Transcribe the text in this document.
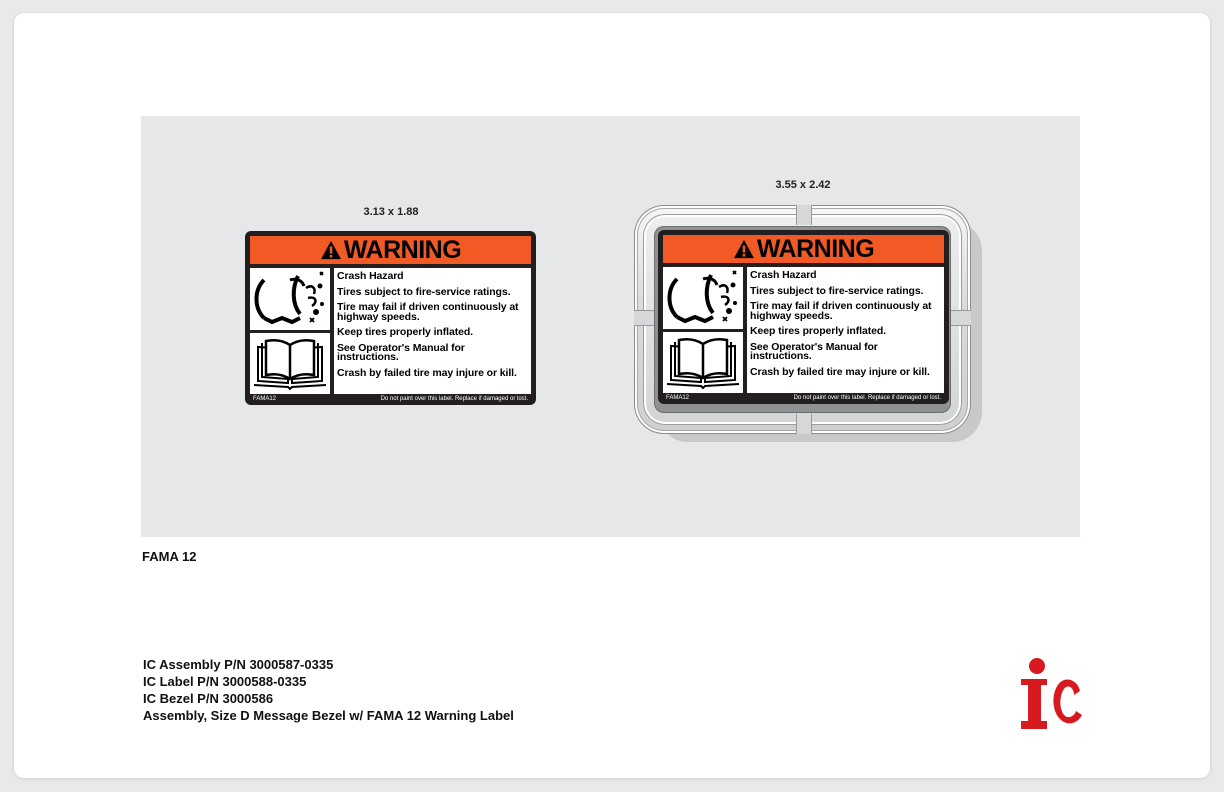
3.13 x 1.88
3.55 x 2.42
WARNING
Crash Hazard
Tires subject to fire-service ratings.
Tire may fail if driven continuously at highway speeds.
Keep tires properly inflated.
See Operator's Manual for instructions.
Crash by failed tire may injure or kill.
FAMA12	Do not paint over this label. Replace if damaged or lost.
WARNING
Crash Hazard
Tires subject to fire-service ratings.
Tire may fail if driven continuously at highway speeds.
Keep tires properly inflated.
See Operator's Manual for instructions.
Crash by failed tire may injure or kill.
FAMA12	Do not paint over this label. Replace if damaged or lost.
FAMA 12
IC Assembly P/N 3000587-0335
IC Label P/N 3000588-0335
IC Bezel P/N 3000586
Assembly, Size D Message Bezel w/ FAMA 12 Warning Label
